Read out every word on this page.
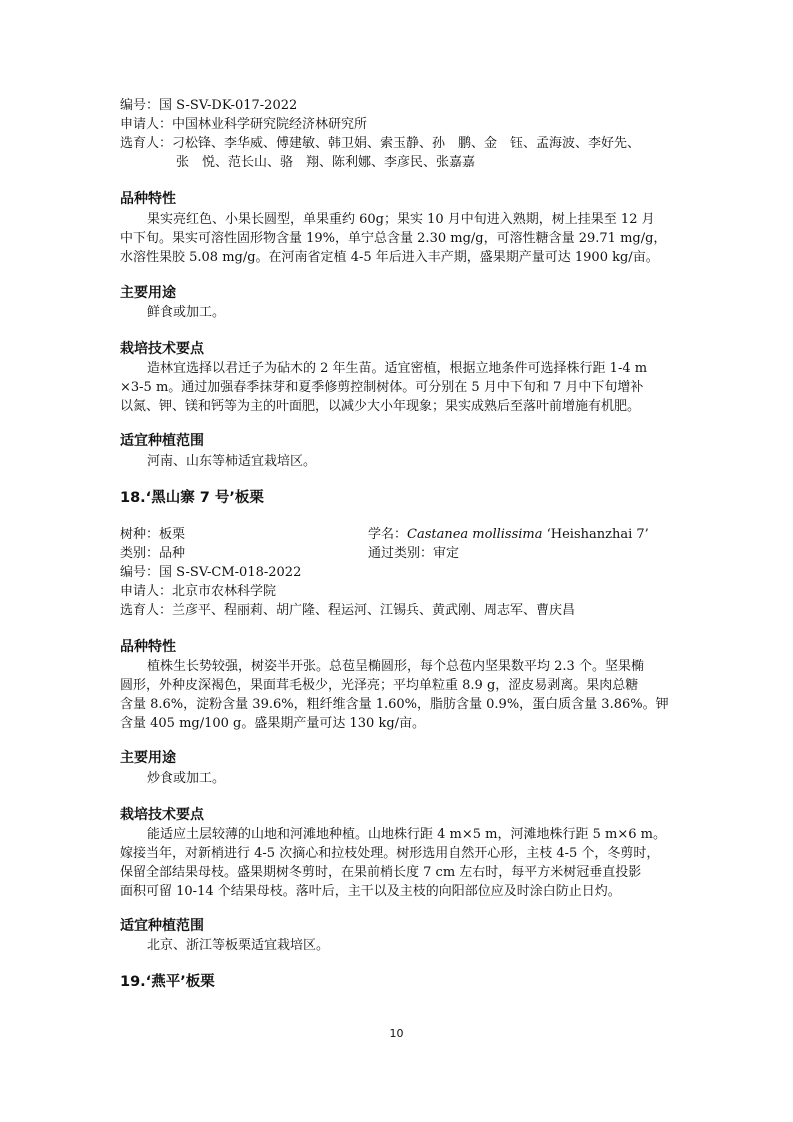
编号：国 S-SV-DK-017-2022
申请人：中国林业科学研究院经济林研究所
选育人：刁松锋、李华威、傅建敏、韩卫娟、索玉静、孙　鹏、金　钰、孟海波、李好先、
张　悦、范长山、骆　翔、陈利娜、李彦民、张嘉嘉
品种特性
果实亮红色、小果长圆型，单果重约 60g；果实 10 月中旬进入熟期，树上挂果至 12 月
中下旬。果实可溶性固形物含量 19%，单宁总含量 2.30 mg/g，可溶性糖含量 29.71 mg/g，
水溶性果胶 5.08 mg/g。在河南省定植 4-5 年后进入丰产期，盛果期产量可达 1900 kg/亩。
主要用途
鲜食或加工。
栽培技术要点
造林宜选择以君迁子为砧木的 2 年生苗。适宜密植，根据立地条件可选择株行距 1-4 m
×3-5 m。通过加强春季抹芽和夏季修剪控制树体。可分别在 5 月中下旬和 7 月中下旬增补
以氮、钾、镁和钙等为主的叶面肥，以减少大小年现象；果实成熟后至落叶前增施有机肥。
适宜种植范围
河南、山东等柿适宜栽培区。
18.‘黑山寨 7 号’板栗
树种：板栗	学名：Castanea mollissima ‘Heishanzhai 7’
类别：品种	通过类别：审定
编号：国 S-SV-CM-018-2022
申请人：北京市农林科学院
选育人：兰彦平、程丽莉、胡广隆、程运河、江锡兵、黄武刚、周志军、曹庆昌
品种特性
植株生长势较强，树姿半开张。总苞呈椭圆形，每个总苞内坚果数平均 2.3 个。坚果椭
圆形，外种皮深褐色，果面茸毛极少，光泽亮；平均单粒重 8.9 g，涩皮易剥离。果肉总糖
含量 8.6%，淀粉含量 39.6%，粗纤维含量 1.60%，脂肪含量 0.9%，蛋白质含量 3.86%。钾
含量 405 mg/100 g。盛果期产量可达 130 kg/亩。
主要用途
炒食或加工。
栽培技术要点
能适应土层较薄的山地和河滩地种植。山地株行距 4 m×5 m，河滩地株行距 5 m×6 m。
嫁接当年，对新梢进行 4-5 次摘心和拉枝处理。树形选用自然开心形，主枝 4-5 个，冬剪时，
保留全部结果母枝。盛果期树冬剪时，在果前梢长度 7 cm 左右时，每平方米树冠垂直投影
面积可留 10-14 个结果母枝。落叶后，主干以及主枝的向阳部位应及时涂白防止日灼。
适宜种植范围
北京、浙江等板栗适宜栽培区。
19.‘燕平’板栗
10
